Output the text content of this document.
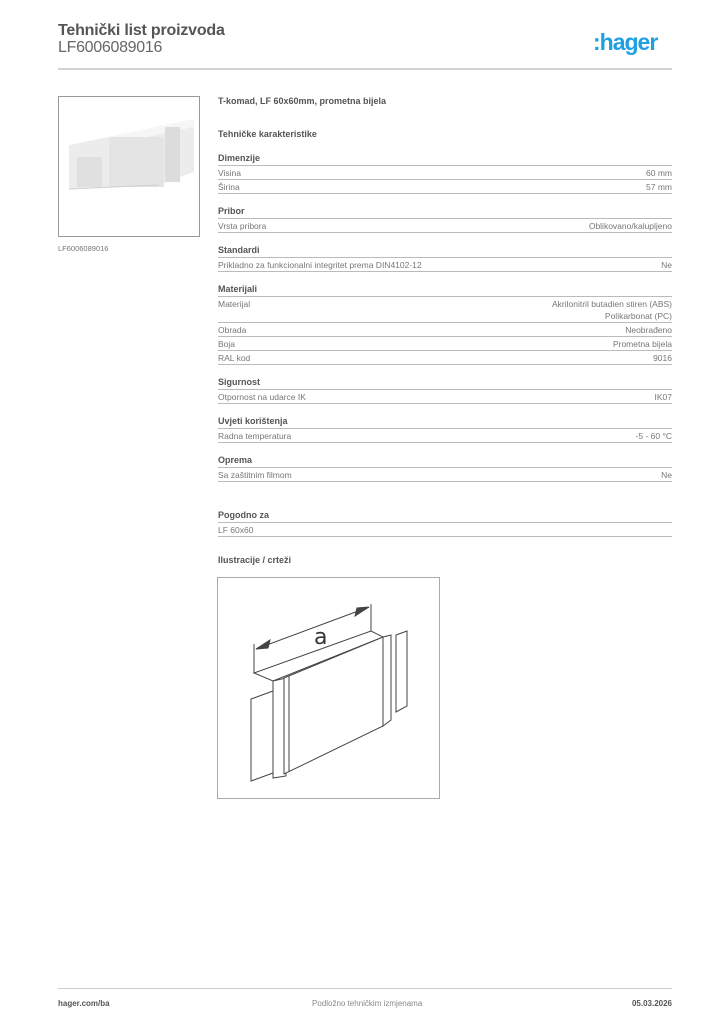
Tehnički list proizvoda
LF6006089016	:hager
LF6006089016
T-komad, LF 60x60mm, prometna bijela
Tehničke karakteristike
Dimenzije
Visina	60 mm
Širina	57 mm
Pribor
Vrsta pribora	Oblikovano/kalupljeno
Standardi
Prikladno za funkcionalni integritet prema DIN4102-12	Ne
Materijali
Materijal	Akrilonitril butadien stiren (ABS)
Polikarbonat (PC)
Obrada	Neobrađeno
Boja	Prometna bijela
RAL kod	9016
Sigurnost
Otpornost na udarce IK	IK07
Uvjeti korištenja
Radna temperatura	-5 - 60 °C
Oprema
Sa zaštitnim filmom	Ne
Pogodno za
LF 60x60
Ilustracije / crteži
a
hager.com/ba	Podložno tehničkim izmjenama	05.03.2026
